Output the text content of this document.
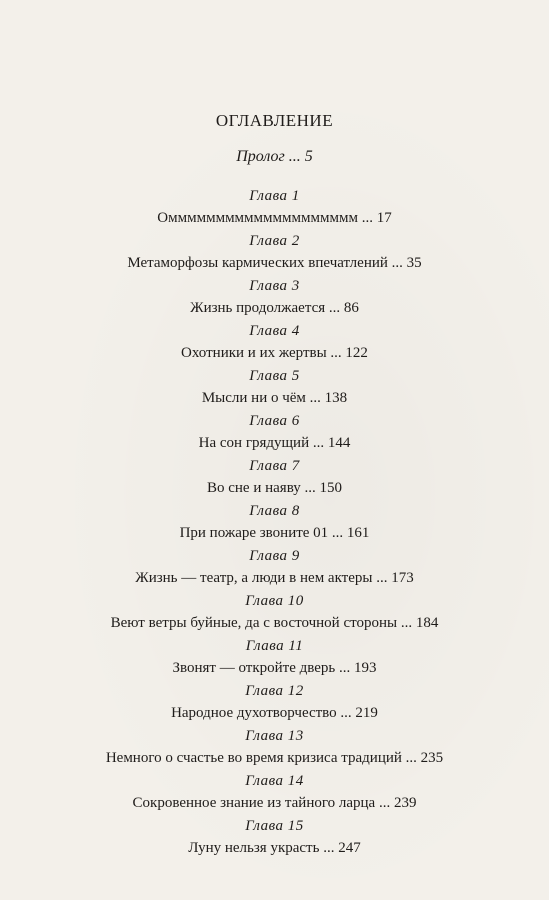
ОГЛАВЛЕНИЕ
Пролог ... 5
Глава 1
Омммммммммммммммммммм ... 17
Глава 2
Метаморфозы кармических впечатлений ... 35
Глава 3
Жизнь продолжается ... 86
Глава 4
Охотники и их жертвы ... 122
Глава 5
Мысли ни о чём ... 138
Глава 6
На сон грядущий ... 144
Глава 7
Во сне и наяву ... 150
Глава 8
При пожаре звоните 01 ... 161
Глава 9
Жизнь — театр, а люди в нем актеры ... 173
Глава 10
Веют ветры буйные, да с восточной стороны ... 184
Глава 11
Звонят — откройте дверь ... 193
Глава 12
Народное духотворчество ... 219
Глава 13
Немного о счастье во время кризиса традиций ... 235
Глава 14
Сокровенное знание из тайного ларца ... 239
Глава 15
Луну нельзя украсть ... 247
